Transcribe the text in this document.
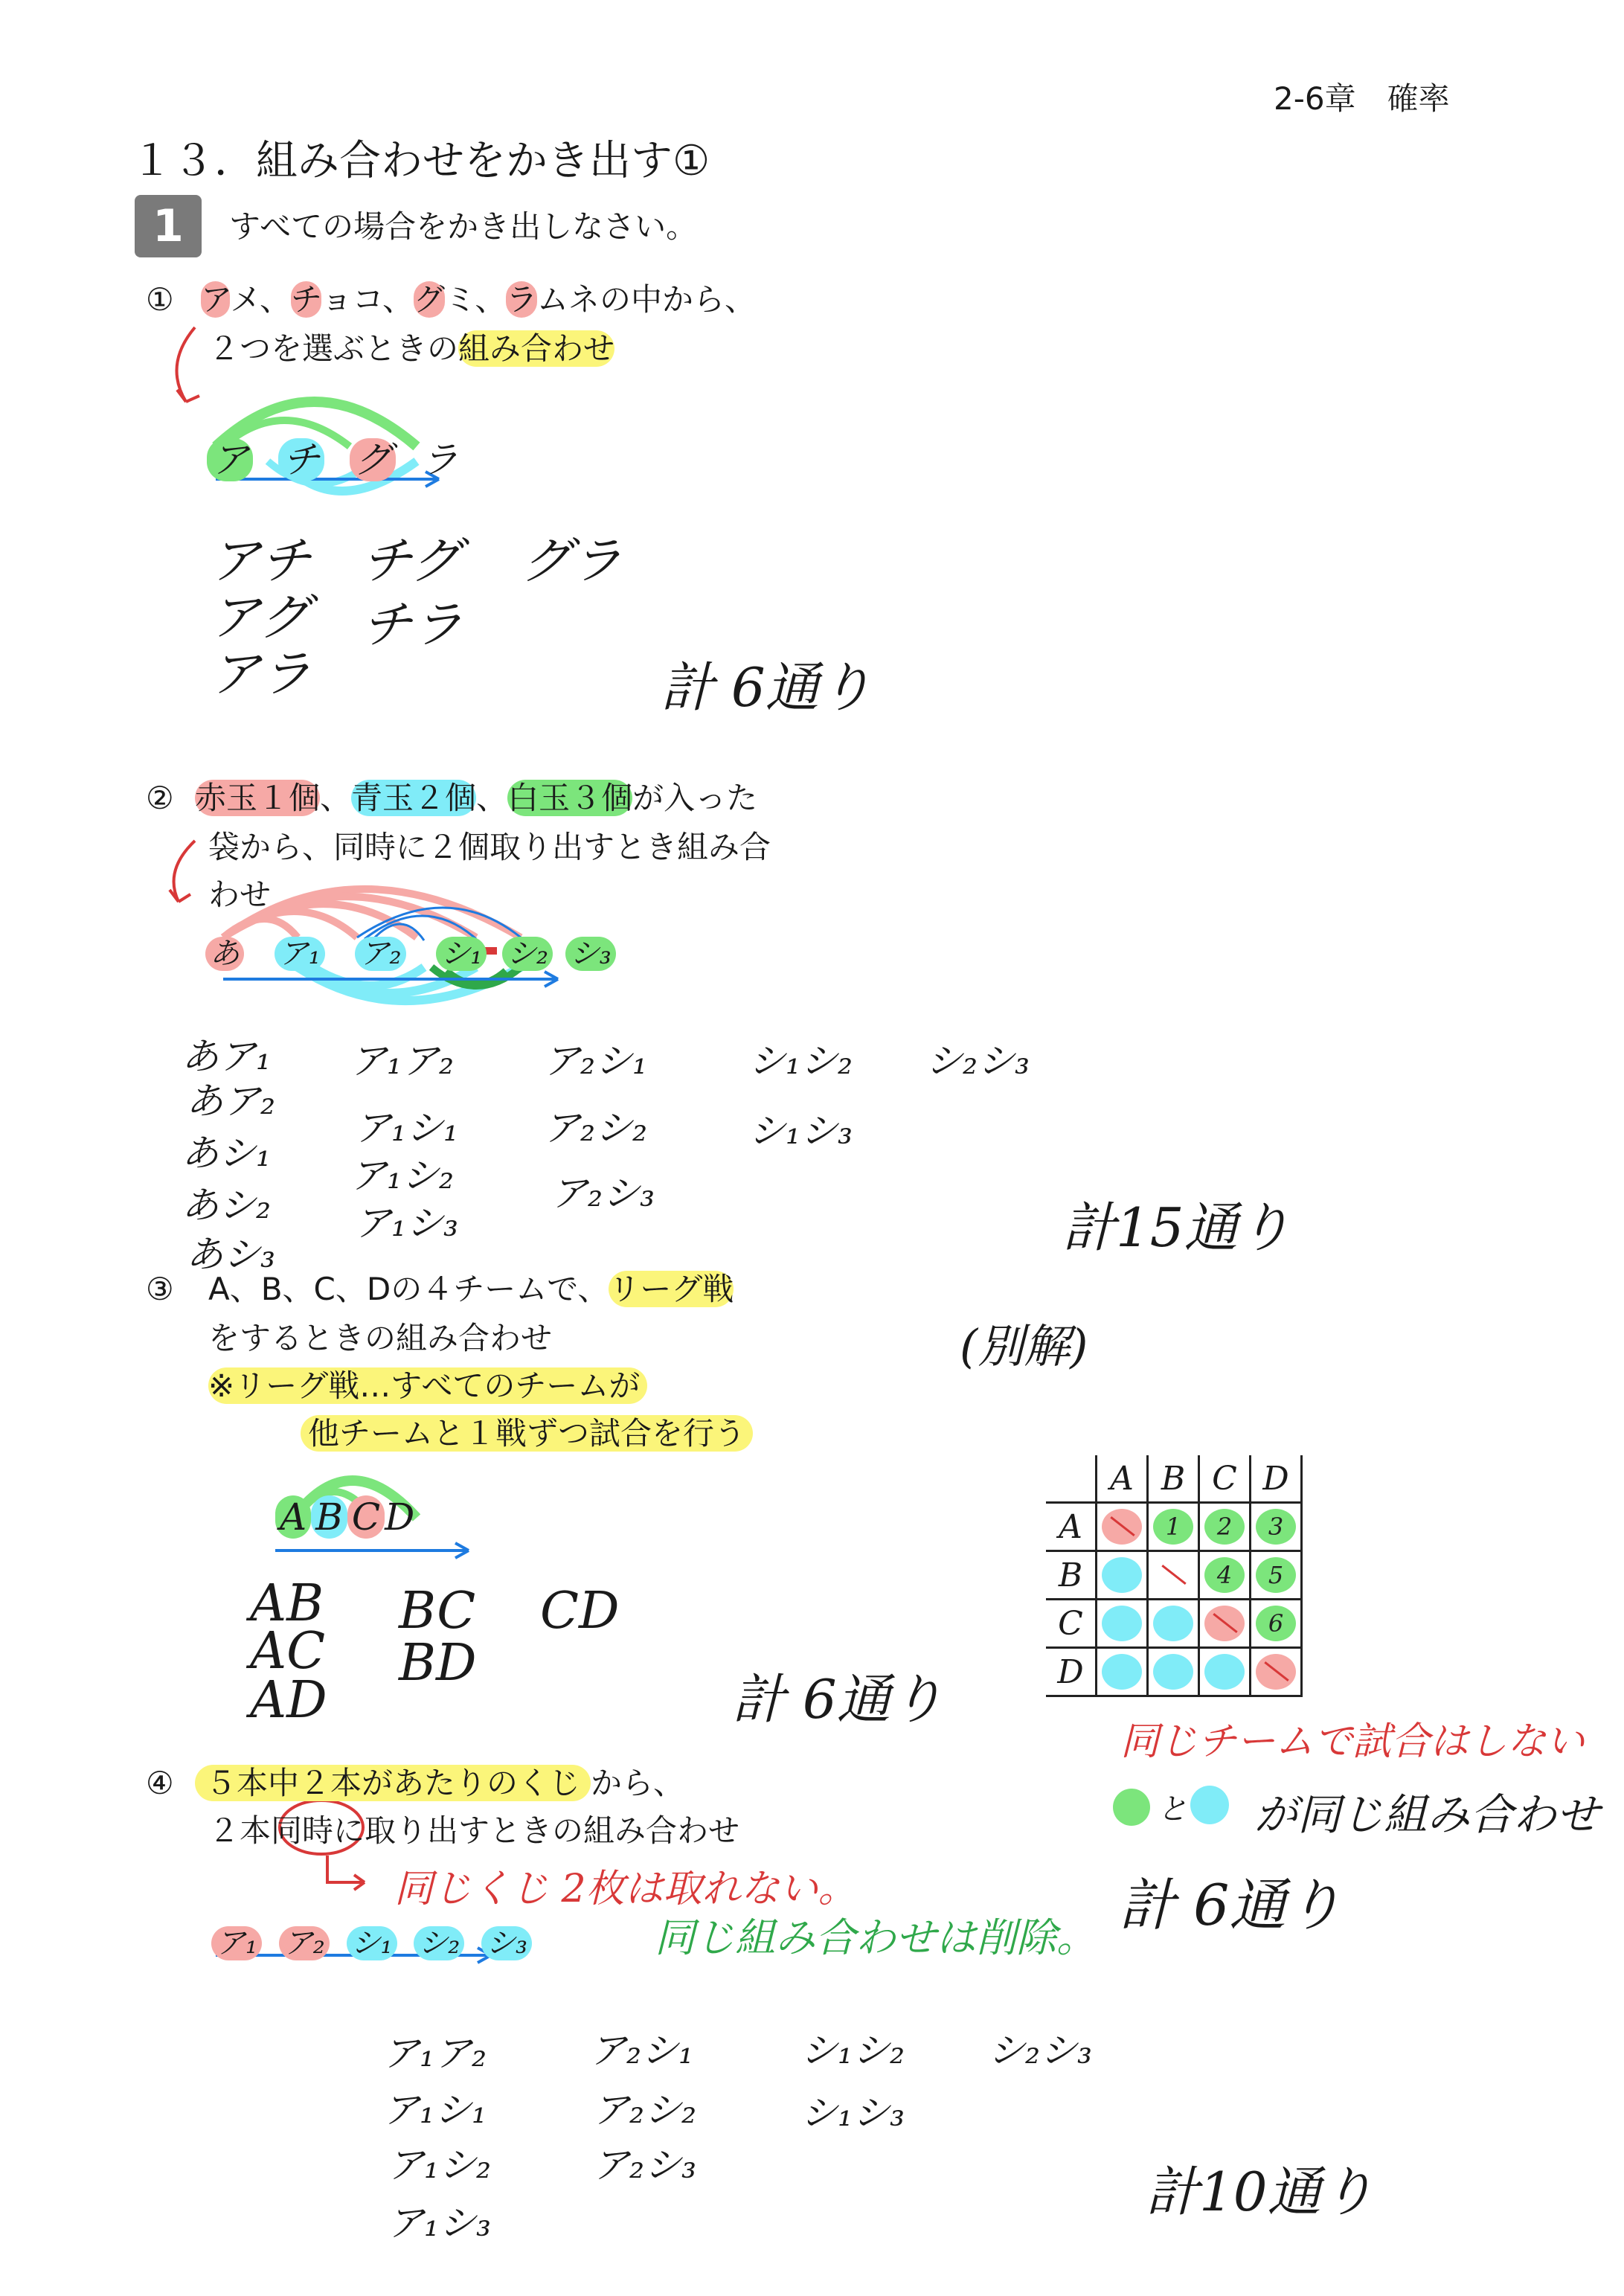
2-6章　確率
１３．組み合わせをかき出す①
1	すべての場合をかき出しなさい。
① アメ、チョコ、グミ、ラムネの中から、
２つを選ぶときの組み合わせ
ア チ グ ラ
アチ
アグ
アラ
チグ
チラ
グラ
計 6通り
② 赤玉１個、青玉２個、白玉３個が入った
袋から、同時に２個取り出すとき組み合
わせ
あ ア₁ ア₂ シ₁ シ₂ シ₃
あア₁
あア₂
あシ₁
あシ₂
あシ₃
ア₁ア₂
ア₁シ₁
ア₁シ₂
ア₁シ₃
ア₂シ₁
ア₂シ₂
ア₂シ₃
シ₁シ₂
シ₁シ₃
シ₂シ₃
計15通り
③ A、B、C、Dの４チームで、リーグ戦
をするときの組み合わせ
※リーグ戦…すべてのチームが
他チームと１戦ずつ試合を行う
A B C D
AB
AC
AD
BC
BD
CD
計 6通り
(別解)
	A	B	C	D
A		1	2	3

B			4	5

C				6

D	

同じチームで試合はしない
と が同じ組み合わせ
計 6通り
④	５本中２本があたりのくじ から、
２本同時に取り出すときの組み合わせ
同じくじ 2枚は取れない。
同じ組み合わせは削除。
ア₁ ア₂ シ₁ シ₂ シ₃
ア₁ア₂
ア₁シ₁
ア₁シ₂
ア₁シ₃
ア₂シ₁
ア₂シ₂
ア₂シ₃
シ₁シ₂
シ₁シ₃
シ₂シ₃
計10通り
